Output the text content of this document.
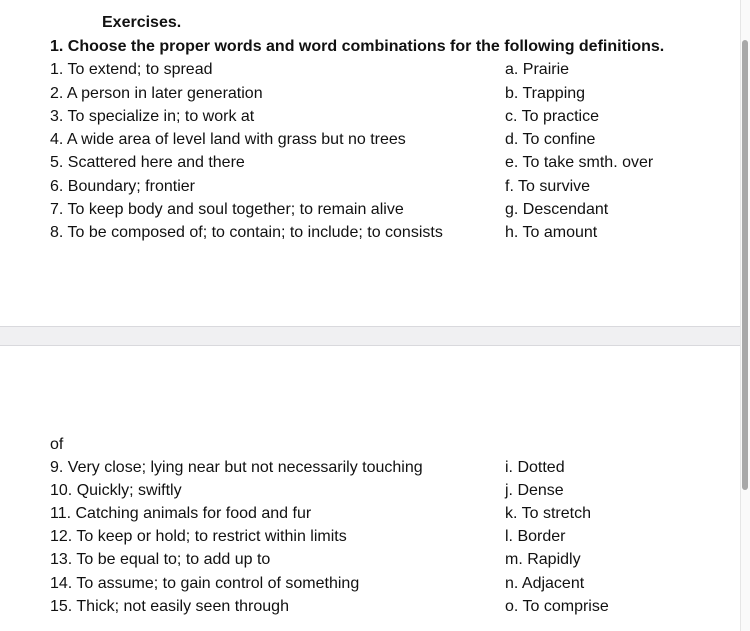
Exercises.
1. Choose the proper words and word combinations for the following definitions.
1. To extend; to spread
2. A person in later generation
3. To specialize in; to work at
4. A wide area of level land with grass but no trees
5. Scattered here and there
6. Boundary; frontier
7. To keep body and soul together; to remain alive
8. To be composed of; to contain; to include; to consists
a. Prairie
b. Trapping
c. To practice
d. To confine
e. To take smth. over
f. To survive
g. Descendant
h. To amount
of
9. Very close; lying near but not necessarily touching
10. Quickly; swiftly
11. Catching animals for food and fur
12. To keep or hold; to restrict within limits
13. To be equal to; to add up to
14. To assume; to gain control of something
15. Thick; not easily seen through
i. Dotted
j. Dense
k. To stretch
l. Border
m. Rapidly
n. Adjacent
o. To comprise
